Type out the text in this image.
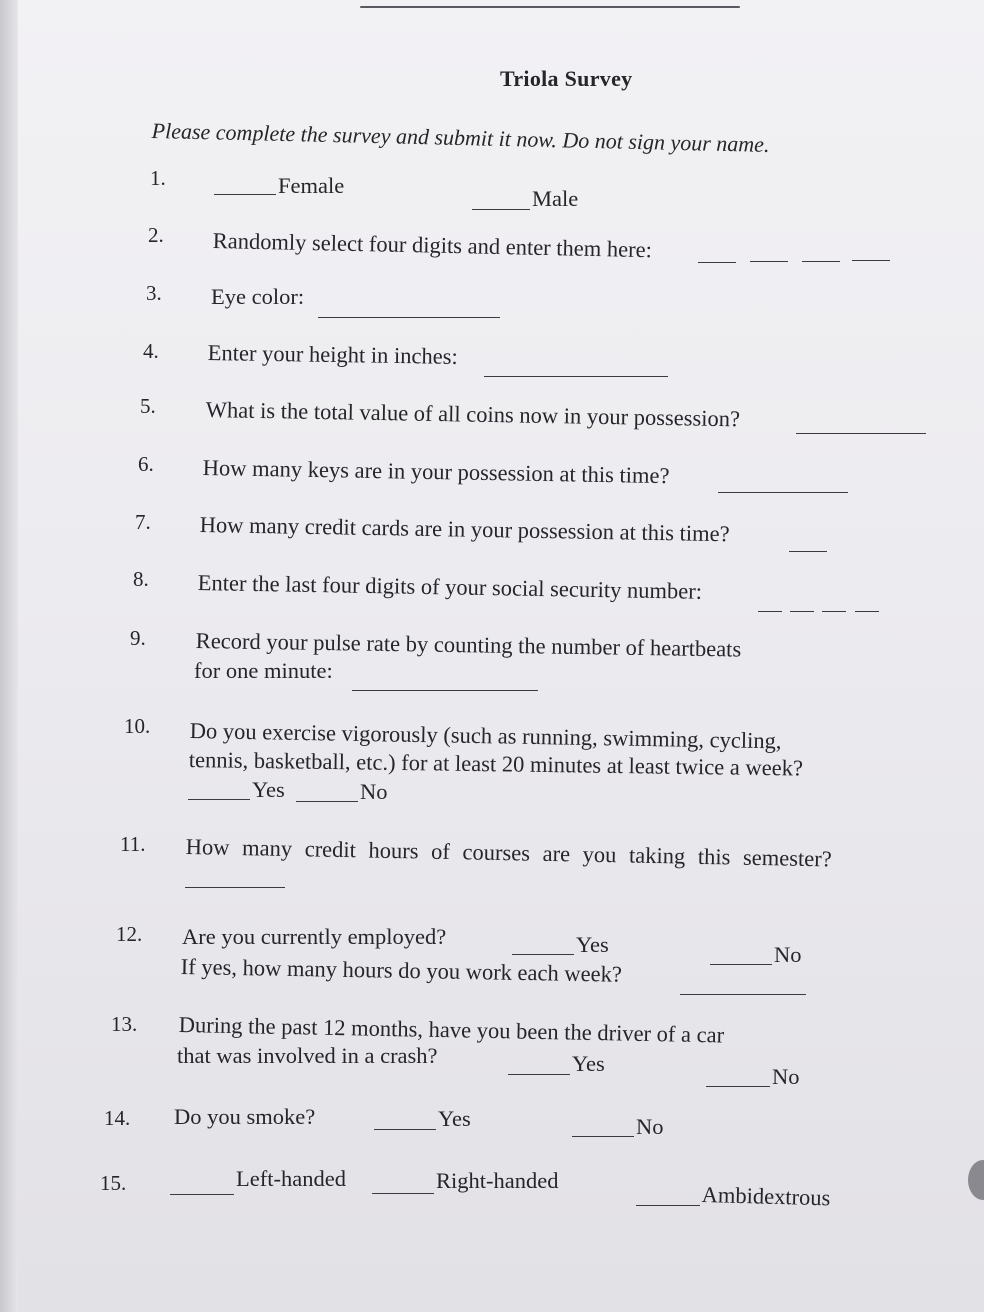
Triola Survey
Please complete the survey and submit it now. Do not sign your name.
1.	Female
Male
2. Randomly select four digits and enter them here:
3. Eye color:
4. Enter your height in inches:
5. What is the total value of all coins now in your possession?
6. How many keys are in your possession at this time?
7. How many credit cards are in your possession at this time?
8. Enter the last four digits of your social security number:
9. Record your pulse rate by counting the number of heartbeats
for one minute:
10. Do you exercise vigorously (such as running, swimming, cycling,
tennis, basketball, etc.) for at least 20 minutes at least twice a week?
Yes	No
11. How many credit hours of courses are you taking this semester?
12. Are you currently employed?	Yes	No
If yes, how many hours do you work each week?
13. During the past 12 months, have you been the driver of a car
that was involved in a crash?	Yes
No
14. Do you smoke?	Yes	No
15.	Left-handed	Right-handed
Ambidextrous
